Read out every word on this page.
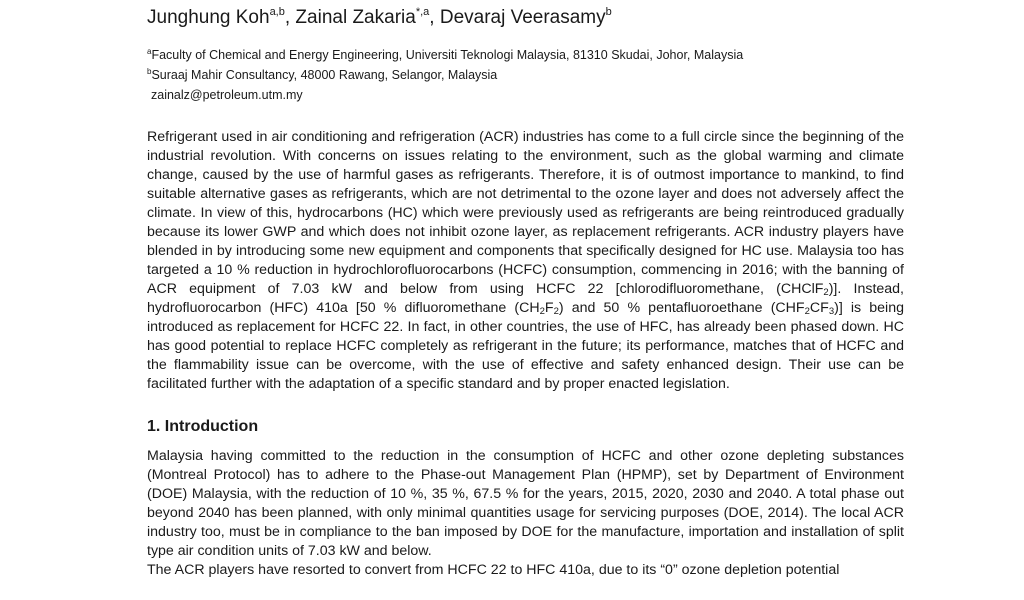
Junghung Koh$^{a,b}$, Zainal Zakaria$^{*,a}$, Devaraj Veerasamy$^b$

$^a$Faculty of Chemical and Energy Engineering, Universiti Teknologi Malaysia, 81310 Skudai, Johor, Malaysia

$^b$Suraaj Mahir Consultancy, 48000 Rawang, Selangor, Malaysia

zainalz@petroleum.utm.my

Refrigerant used in air conditioning and refrigeration (ACR) industries has come to a full circle since the beginning of the industrial revolution. With concerns on issues relating to the environment, such as the global warming and climate change, caused by the use of harmful gases as refrigerants. Therefore, it is of outmost importance to mankind, to find suitable alternative gases as refrigerants, which are not detrimental to the ozone layer and does not adversely affect the climate. In view of this, hydrocarbons (HC) which were previously used as refrigerants are being reintroduced gradually because its lower GWP and which does not inhibit ozone layer, as replacement refrigerants. ACR industry players have blended in by introducing some new equipment and components that specifically designed for HC use. Malaysia too has targeted a 10 % reduction in hydrochlorofluorocarbons (HCFC) consumption, commencing in 2016; with the banning of ACR equipment of 7.03 kW and below from using HCFC 22 [chlorodifluoromethane, (CHClF$_2$)]. Instead, hydrofluorocarbon (HFC) 410a [50 % difluoromethane $(CH_2F_2)$ and 50 % pentafluoroethane $(CHF_2CF_3)$] is being introduced as replacement for HCFC 22. In fact, in other countries, the use of HFC, has already been phased down. HC has good potential to replace HCFC completely as refrigerant in the future; its performance, matches that of HCFC and the flammability issue can be overcome, with the use of effective and safety enhanced design. Their use can be facilitated further with the adaptation of a specific standard and by proper enacted legislation.

1. Introduction

Malaysia having committed to the reduction in the consumption of HCFC and other ozone depleting substances (Montreal Protocol) has to adhere to the Phase-out Management Plan (HPMP), set by Department of Environment (DOE) Malaysia, with the reduction of 10 %, 35 %, 67.5 % for the years, 2015, 2020, 2030 and 2040. A total phase out beyond 2040 has been planned, with only minimal quantities usage for servicing purposes (DOE, 2014). The local ACR industry too, must be in compliance to the ban imposed by DOE for the manufacture, importation and installation of split type air condition units of 7.03 kW and below.

The ACR players have resorted to convert from HCFC 22 to HFC 410a, due to its “0” ozone depletion potential
